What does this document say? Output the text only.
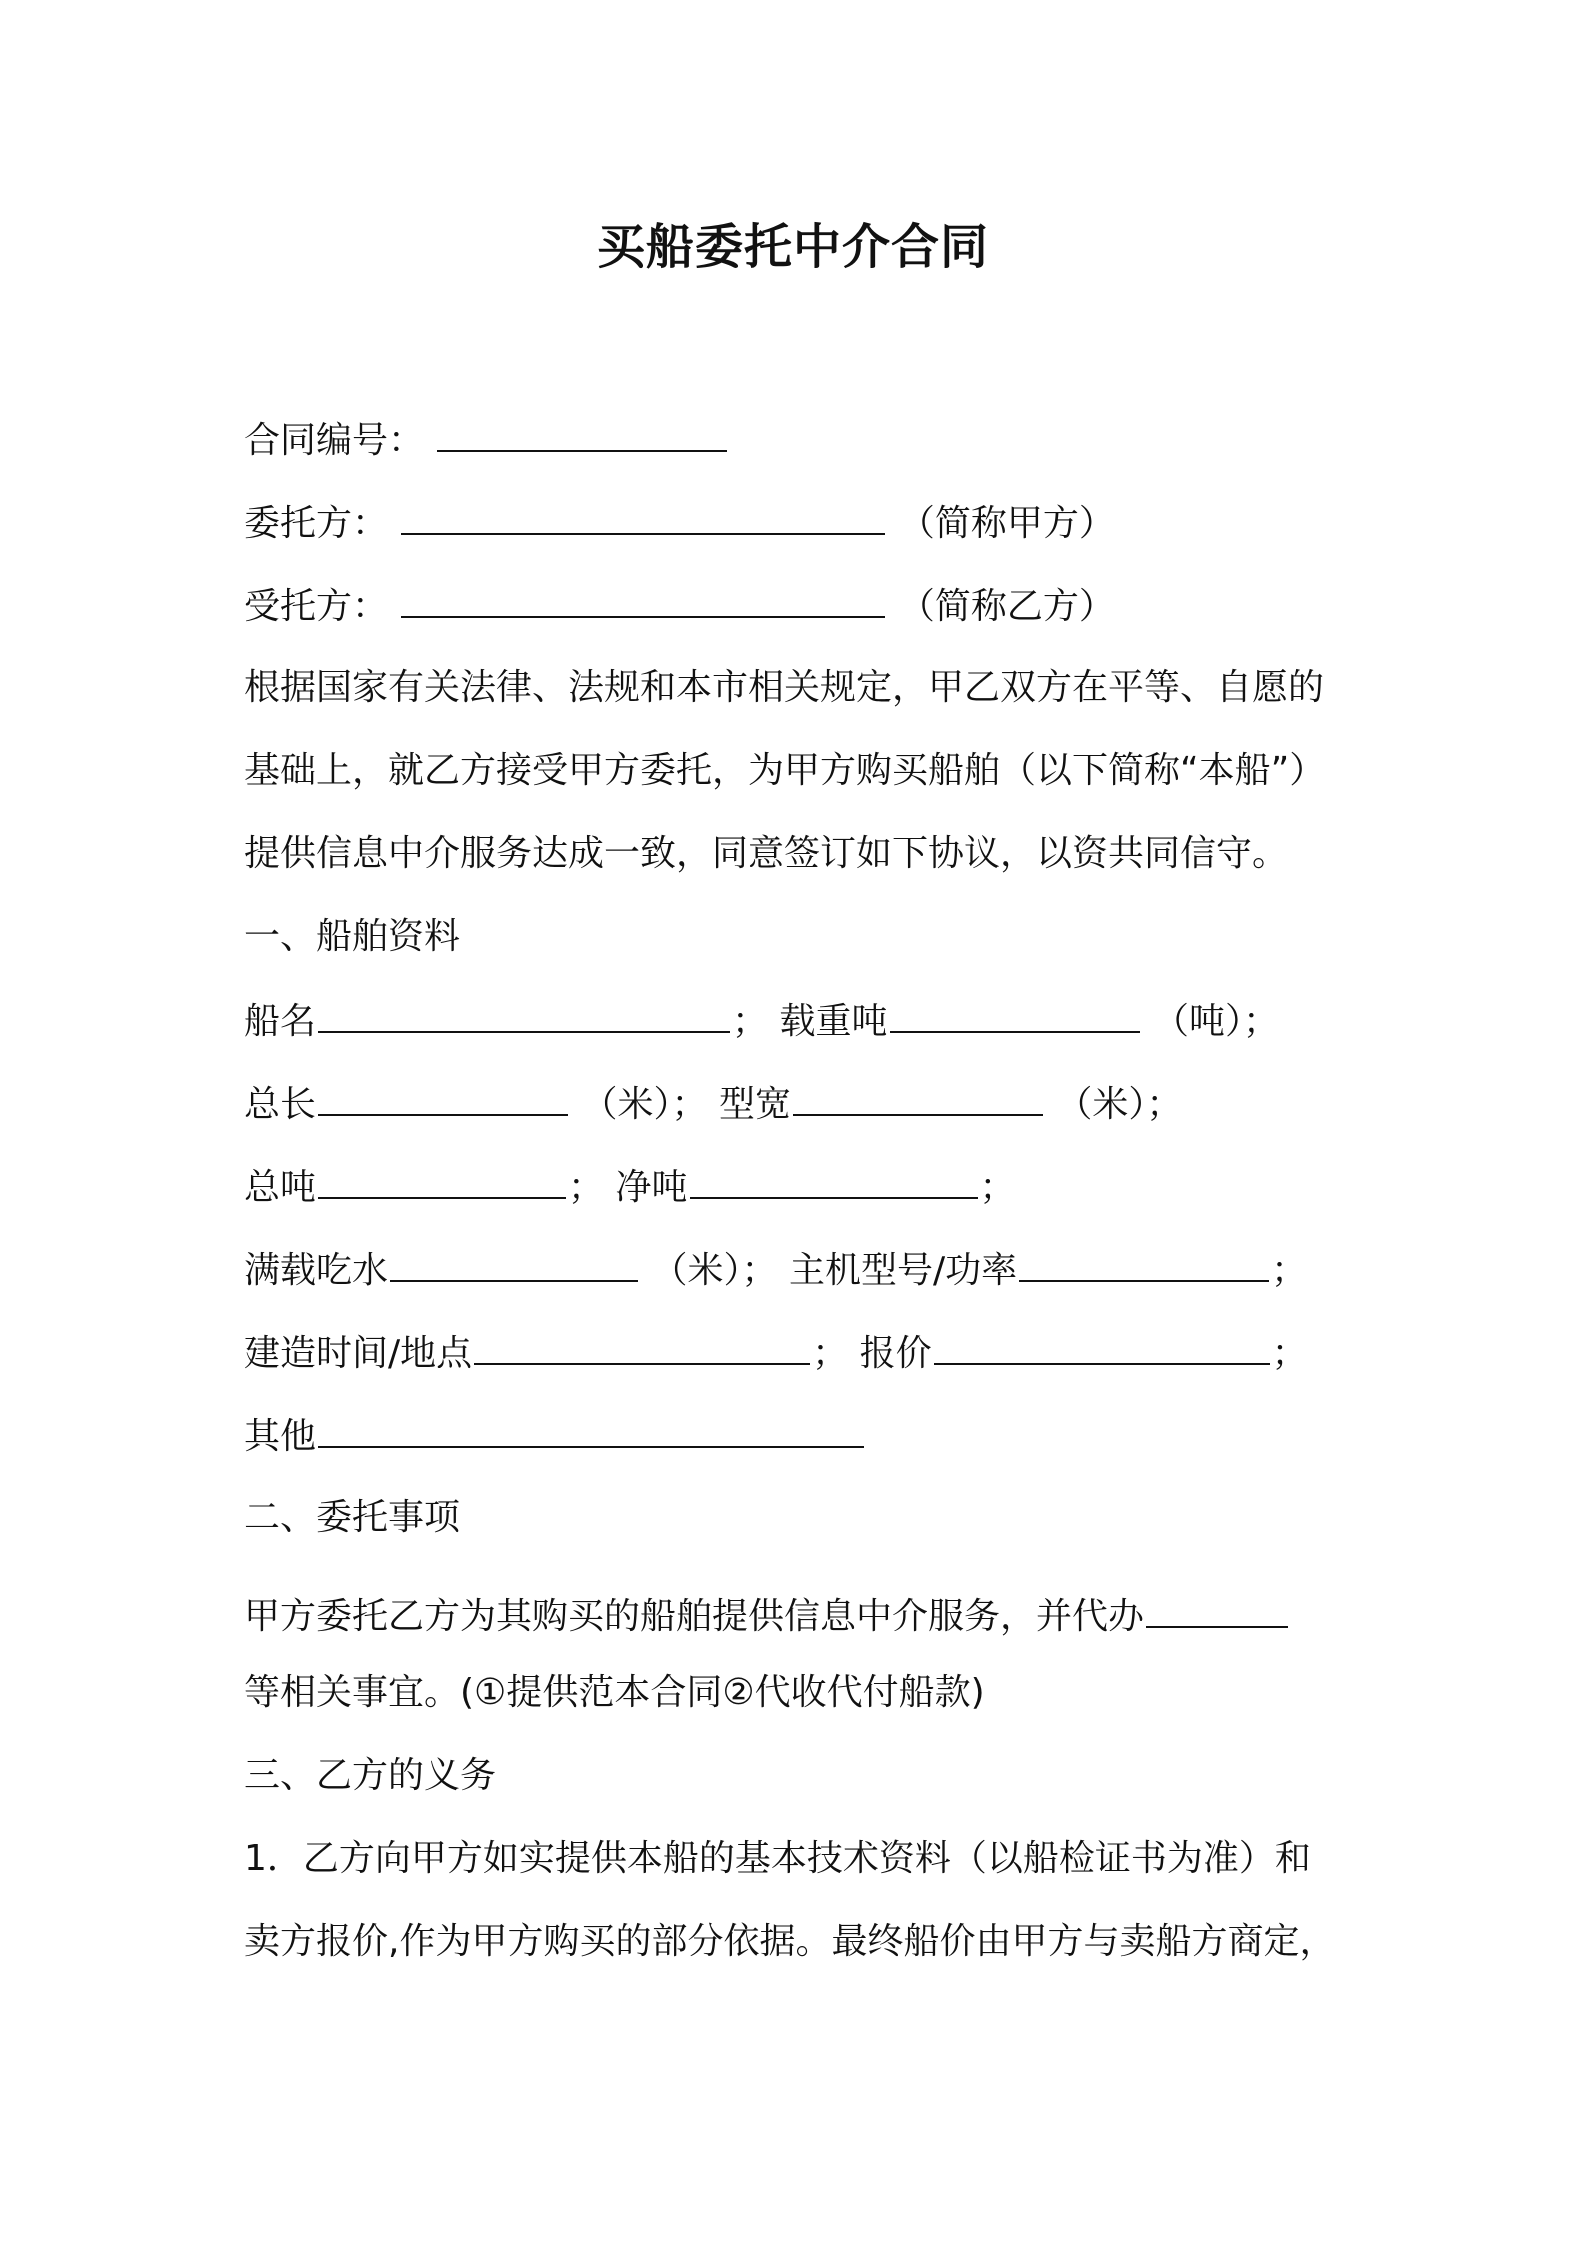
买船委托中介合同
合同编号：
委托方：	（简称甲方）
受托方：	（简称乙方）
根据国家有关法律、法规和本市相关规定，甲乙双方在平等、自愿的
基础上，就乙方接受甲方委托，为甲方购买船舶（以下简称“本船”）
提供信息中介服务达成一致，同意签订如下协议，以资共同信守。
一、船舶资料
船名	； 载重吨	（吨）；
总长	（米）； 型宽	（米）；
总吨	； 净吨	；
满载吃水	（米）； 主机型号/功率	；
建造时间/地点	； 报价	；
其他
二、委托事项
甲方委托乙方为其购买的船舶提供信息中介服务，并代办
等相关事宜。(①提供范本合同②代收代付船款)
三、乙方的义务
1．乙方向甲方如实提供本船的基本技术资料（以船检证书为准）和
卖方报价,作为甲方购买的部分依据。最终船价由甲方与卖船方商定，
